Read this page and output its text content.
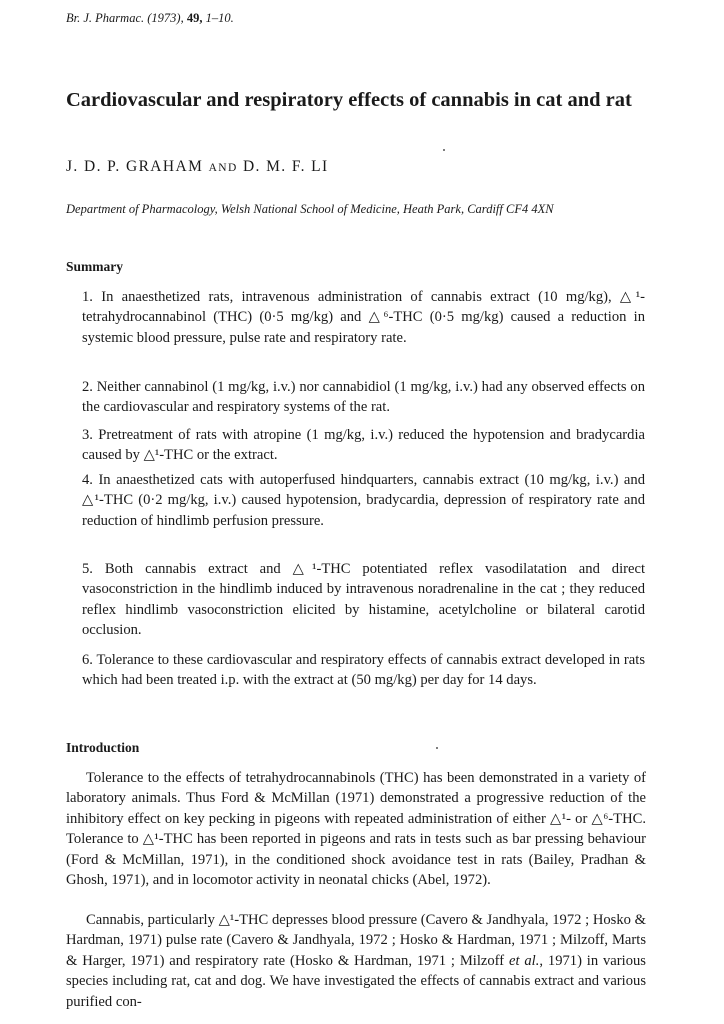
Br. J. Pharmac. (1973), 49, 1–10.
Cardiovascular and respiratory effects of cannabis in cat and rat
J. D. P. GRAHAM AND D. M. F. LI
Department of Pharmacology, Welsh National School of Medicine, Heath Park, Cardiff CF4 4XN
Summary

1. In anaesthetized rats, intravenous administration of cannabis extract (10 mg/kg), △¹-tetrahydrocannabinol (THC) (0·5 mg/kg) and △⁶-THC (0·5 mg/kg) caused a reduction in systemic blood pressure, pulse rate and respiratory rate.

2. Neither cannabinol (1 mg/kg, i.v.) nor cannabidiol (1 mg/kg, i.v.) had any observed effects on the cardiovascular and respiratory systems of the rat.

3. Pretreatment of rats with atropine (1 mg/kg, i.v.) reduced the hypotension and bradycardia caused by △¹-THC or the extract.

4. In anaesthetized cats with autoperfused hindquarters, cannabis extract (10 mg/kg, i.v.) and △¹-THC (0·2 mg/kg, i.v.) caused hypotension, bradycardia, depression of respiratory rate and reduction of hindlimb perfusion pressure.

5. Both cannabis extract and △¹-THC potentiated reflex vasodilatation and direct vasoconstriction in the hindlimb induced by intravenous noradrenaline in the cat ; they reduced reflex hindlimb vasoconstriction elicited by histamine, acetylcholine or bilateral carotid occlusion.

6. Tolerance to these cardiovascular and respiratory effects of cannabis extract developed in rats which had been treated i.p. with the extract at (50 mg/kg) per day for 14 days.

Introduction

Tolerance to the effects of tetrahydrocannabinols (THC) has been demonstrated in a variety of laboratory animals. Thus Ford & McMillan (1971) demonstrated a progressive reduction of the inhibitory effect on key pecking in pigeons with repeated administration of either △¹- or △⁶-THC. Tolerance to △¹-THC has been reported in pigeons and rats in tests such as bar pressing behaviour (Ford & McMillan, 1971), in the conditioned shock avoidance test in rats (Bailey, Pradhan & Ghosh, 1971), and in locomotor activity in neonatal chicks (Abel, 1972).

Cannabis, particularly △¹-THC depresses blood pressure (Cavero & Jandhyala, 1972 ; Hosko & Hardman, 1971) pulse rate (Cavero & Jandhyala, 1972 ; Hosko & Hardman, 1971 ; Milzoff, Marts & Harger, 1971) and respiratory rate (Hosko & Hardman, 1971 ; Milzoff et al., 1971) in various species including rat, cat and dog. We have investigated the effects of cannabis extract and various purified con-
